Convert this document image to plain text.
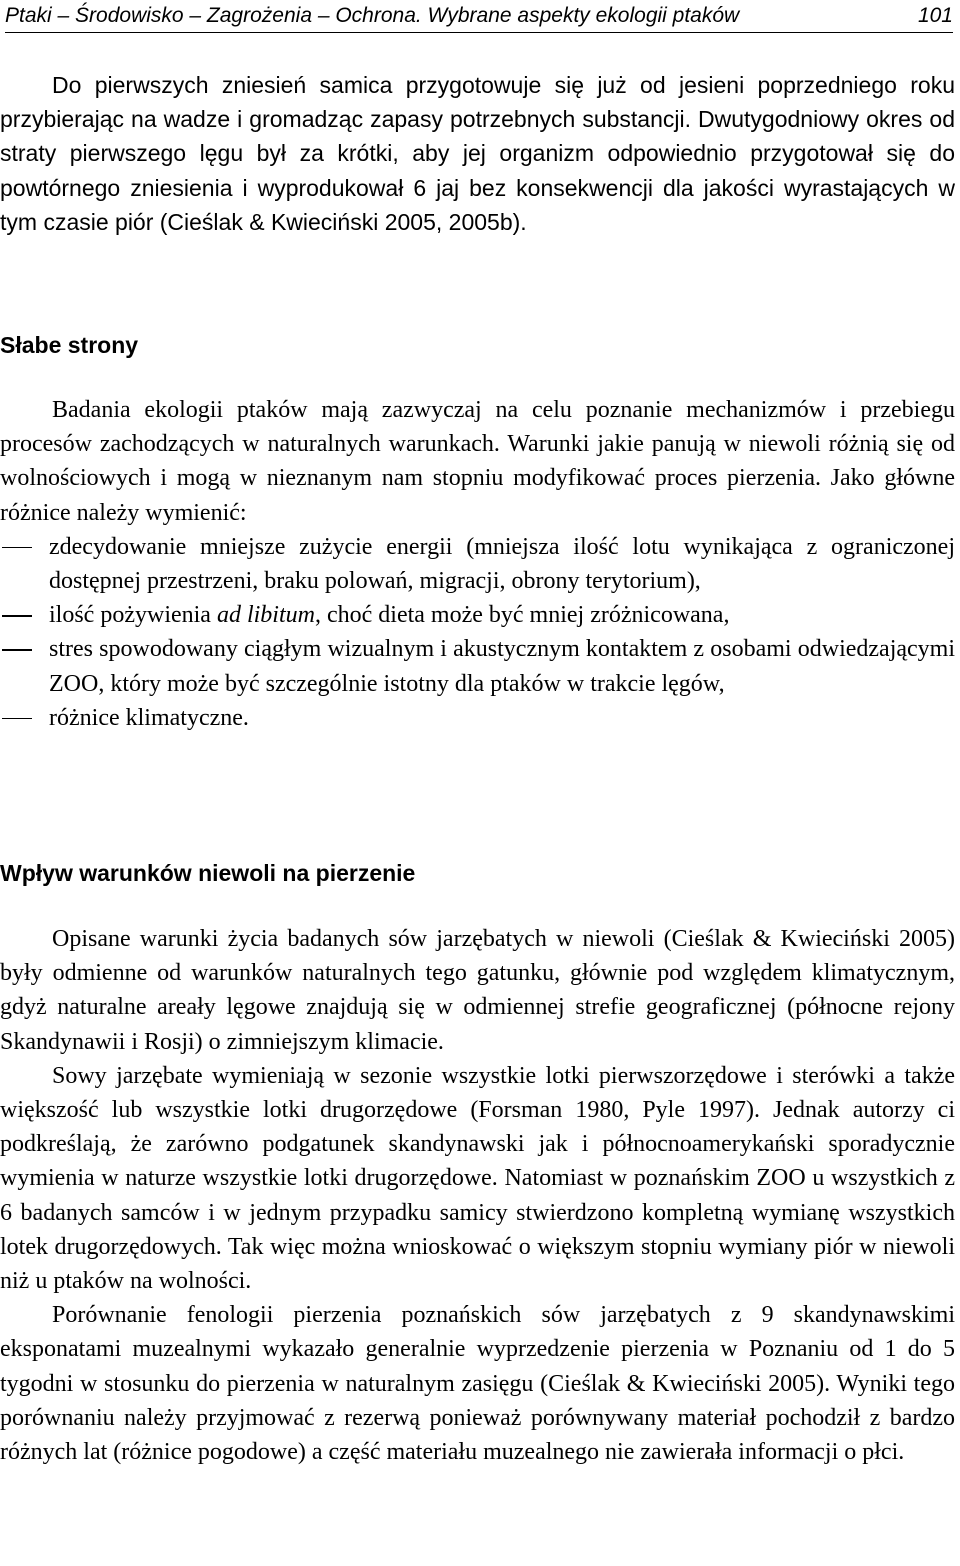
Ptaki – Środowisko – Zagrożenia – Ochrona. Wybrane aspekty ekologii ptaków	101

Do pierwszych zniesień samica przygotowuje się już od jesieni poprzedniego roku przybierając na wadze i gromadząc zapasy potrzebnych substancji. Dwutygodniowy okres od straty pierwszego lęgu był za krótki, aby jej organizm odpowiednio przygotował się do powtórnego zniesienia i wyprodukował 6 jaj bez konsekwencji dla jakości wyrastających w tym czasie piór (Cieślak & Kwieciński 2005, 2005b).

Słabe strony

Badania ekologii ptaków mają zazwyczaj na celu poznanie mechanizmów i przebiegu procesów zachodzących w naturalnych warunkach. Warunki jakie panują w niewoli różnią się od wolnościowych i mogą w nieznanym nam stopniu modyfikować proces pierzenia. Jako główne różnice należy wymienić:

zdecydowanie mniejsze zużycie energii (mniejsza ilość lotu wynikająca z ograniczonej dostępnej przestrzeni, braku polowań, migracji, obrony terytorium),
ilość pożywienia ad libitum, choć dieta może być mniej zróżnicowana,
stres spowodowany ciągłym wizualnym i akustycznym kontaktem z osobami odwiedzającymi ZOO, który może być szczególnie istotny dla ptaków w trakcie lęgów,
różnice klimatyczne.
Wpływ warunków niewoli na pierzenie

Opisane warunki życia badanych sów jarzębatych w niewoli (Cieślak & Kwieciński 2005) były odmienne od warunków naturalnych tego gatunku, głównie pod względem klimatycznym, gdyż naturalne areały lęgowe znajdują się w odmiennej strefie geograficznej (północne rejony Skandynawii i Rosji) o zimniejszym klimacie.

Sowy jarzębate wymieniają w sezonie wszystkie lotki pierwszorzędowe i sterówki a także większość lub wszystkie lotki drugorzędowe (Forsman 1980, Pyle 1997). Jednak autorzy ci podkreślają, że zarówno podgatunek skandynawski jak i północnoamerykański sporadycznie wymienia w naturze wszystkie lotki drugorzędowe. Natomiast w poznańskim ZOO u wszystkich z 6 badanych samców i w jednym przypadku samicy stwierdzono kompletną wymianę wszystkich lotek drugorzędowych. Tak więc można wnioskować o większym stopniu wymiany piór w niewoli niż u ptaków na wolności.

Porównanie fenologii pierzenia poznańskich sów jarzębatych z 9 skandynawskimi eksponatami muzealnymi wykazało generalnie wyprzedzenie pierzenia w Poznaniu od 1 do 5 tygodni w stosunku do pierzenia w naturalnym zasięgu (Cieślak & Kwieciński 2005). Wyniki tego porównaniu należy przyjmować z rezerwą ponieważ porównywany materiał pochodził z bardzo różnych lat (różnice pogodowe) a część materiału muzealnego nie zawierała informacji o płci.
